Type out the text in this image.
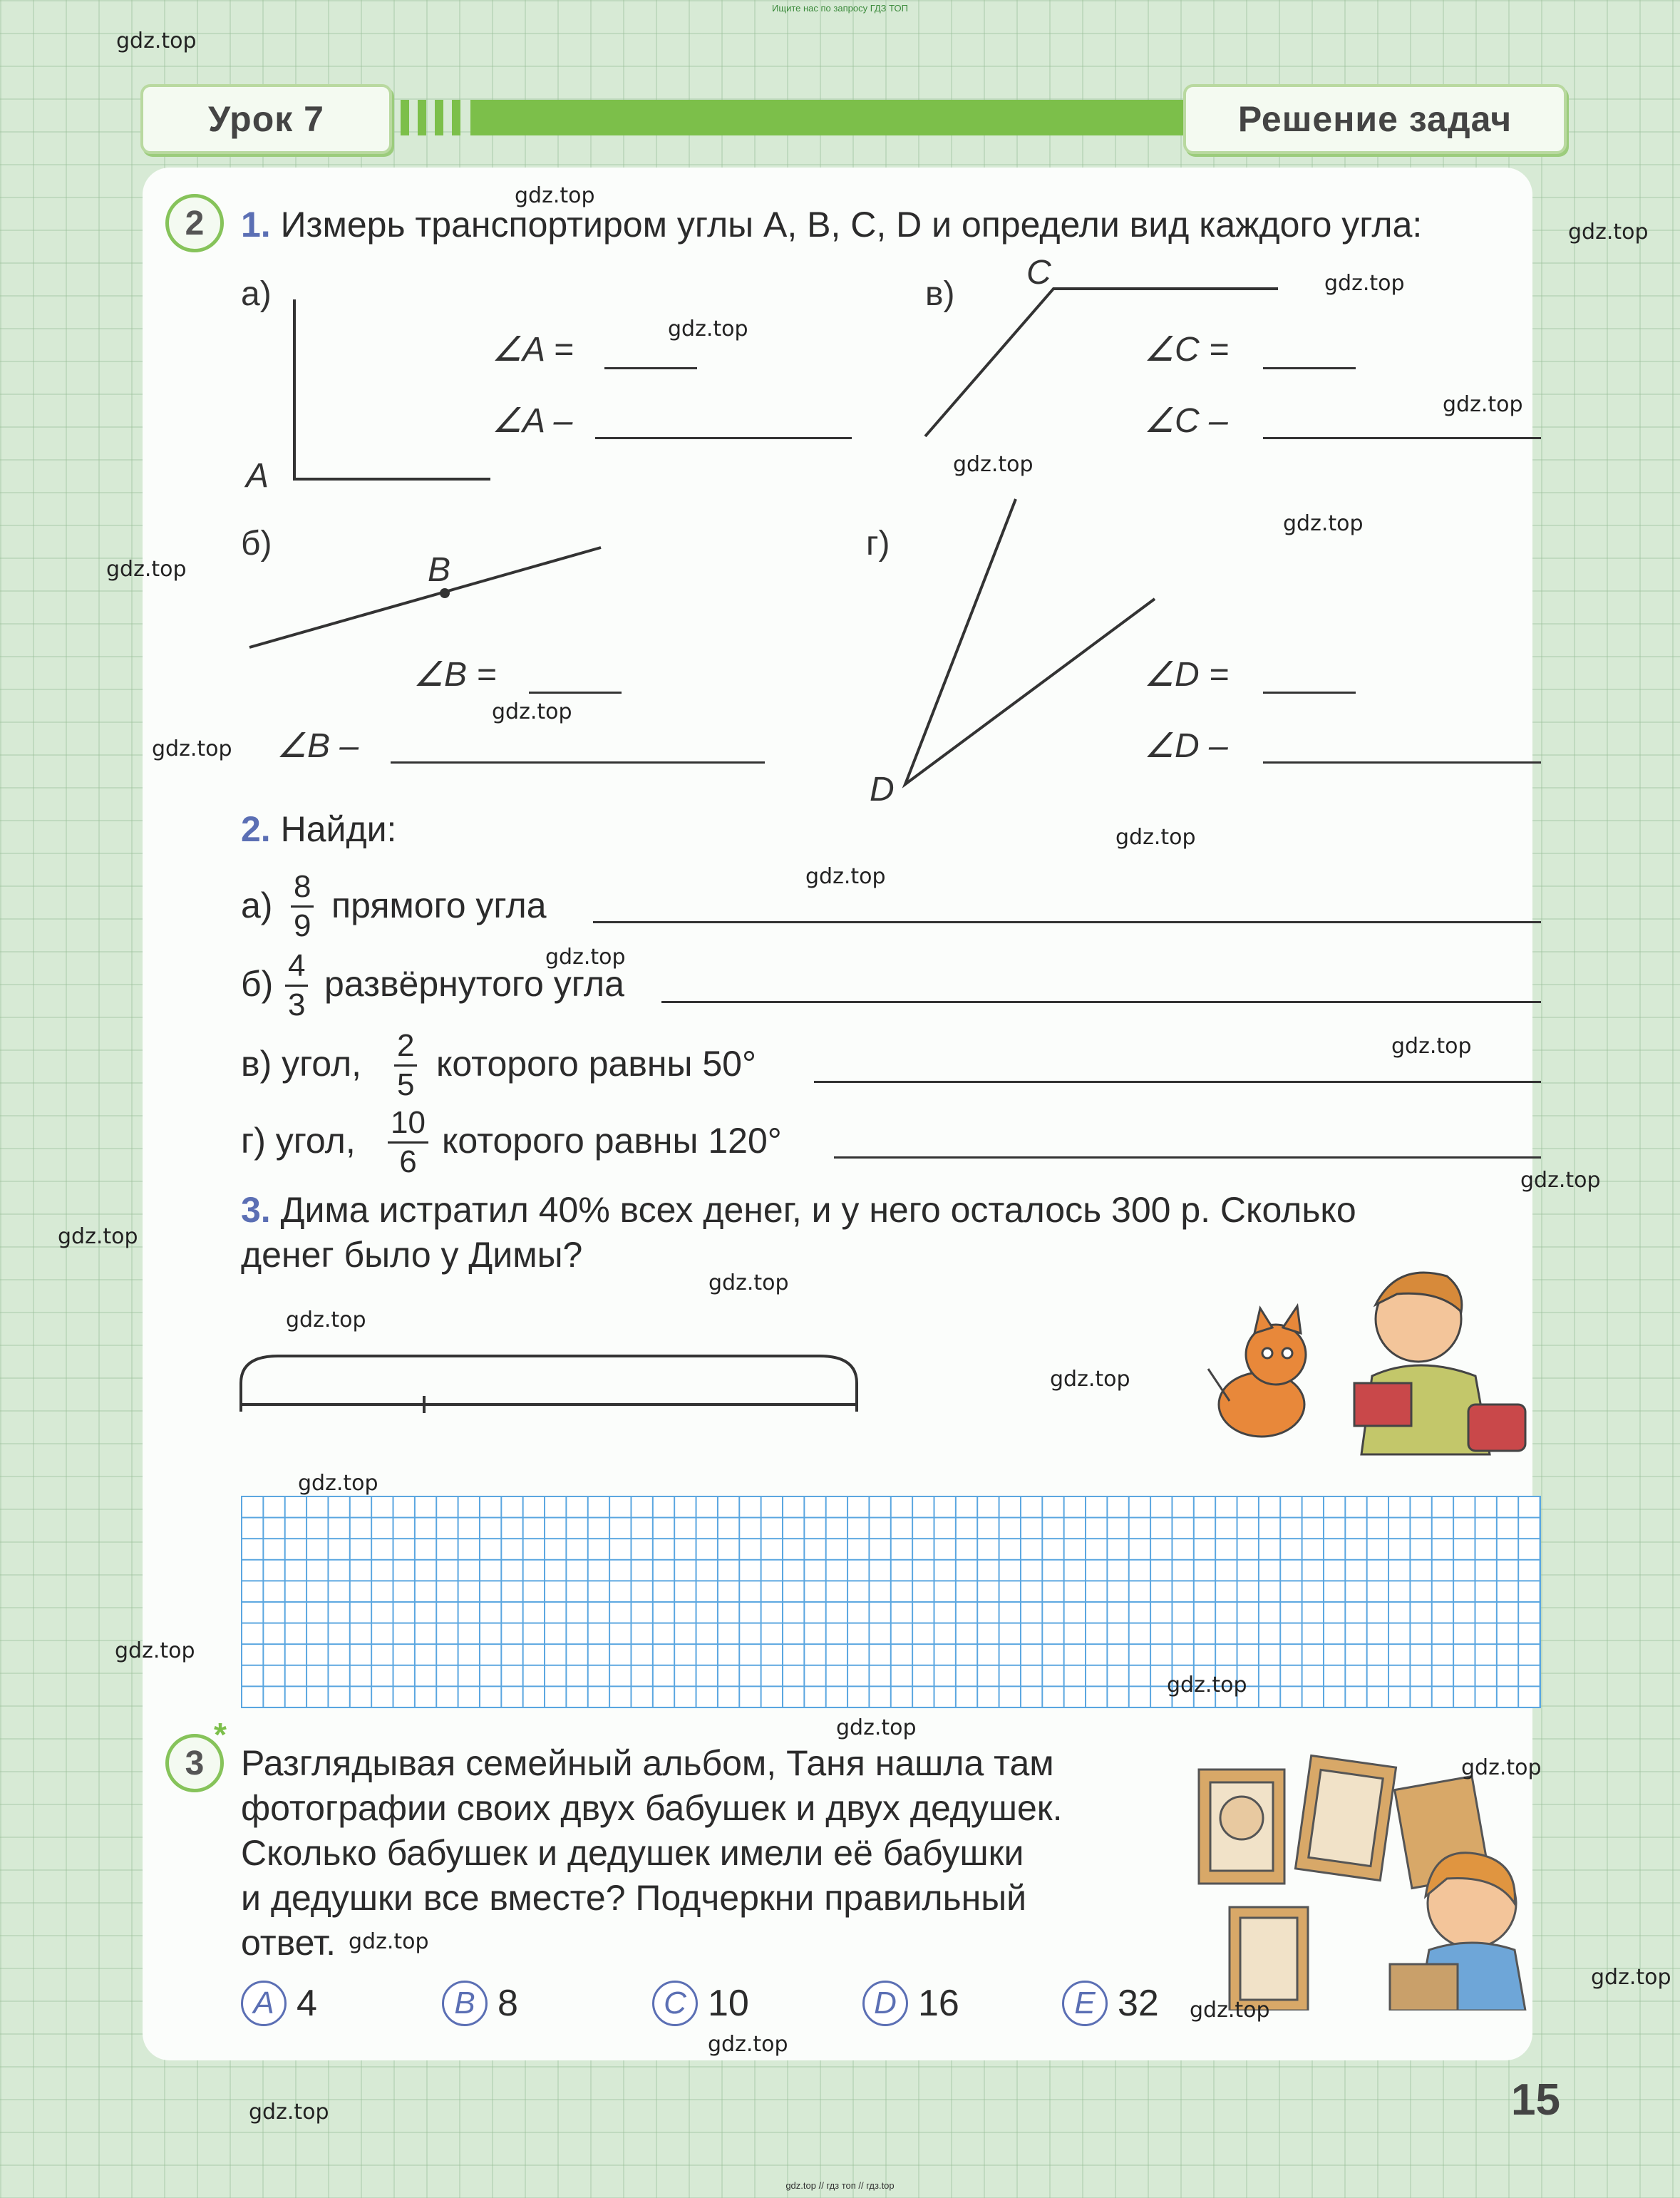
Ищите нас по запросу ГДЗ ТОП
Урок 7	Решение задач
2	1. Измерь транспортиром углы A, B, C, D и определи вид каждого угла:
а)
A
б)
B
в)
C
г)
D
∠A =
∠A –
∠C =
∠C –
∠B =
∠B –
∠D =
∠D –
2. Найди:
$а) \frac{8}{9}$ прямого угла
$б) \frac{4}{3}$ развёрнутого угла
в) угол, $\frac{2}{5}$ которого равны 50°
г) угол, $\frac{10}{6}$ которого равны 120°
3. Дима истратил 40% всех денег, и у него осталось 300 р. Сколько
денег было у Димы?
3
*
Разглядывая семейный альбом, Таня нашла там
фотографии своих двух бабушек и двух дедушек.
Сколько бабушек и дедушек имели её бабушки
и дедушки все вместе? Подчеркни правильный
ответ.
A 4	B 8	C 10	D 16	E 32
15
gdz.top
gdz.top
gdz.top
gdz.top
gdz.top
gdz.top
gdz.top
gdz.top
gdz.top
gdz.top
gdz.top
gdz.top
gdz.top
gdz.top
gdz.top
gdz.top
gdz.top
gdz.top
gdz.top
gdz.top
gdz.top
gdz.top
gdz.top
gdz.top
gdz.top
gdz.top
gdz.top
gdz.top
gdz.top
gdz.top
gdz.top // гдз топ // гдз.top
